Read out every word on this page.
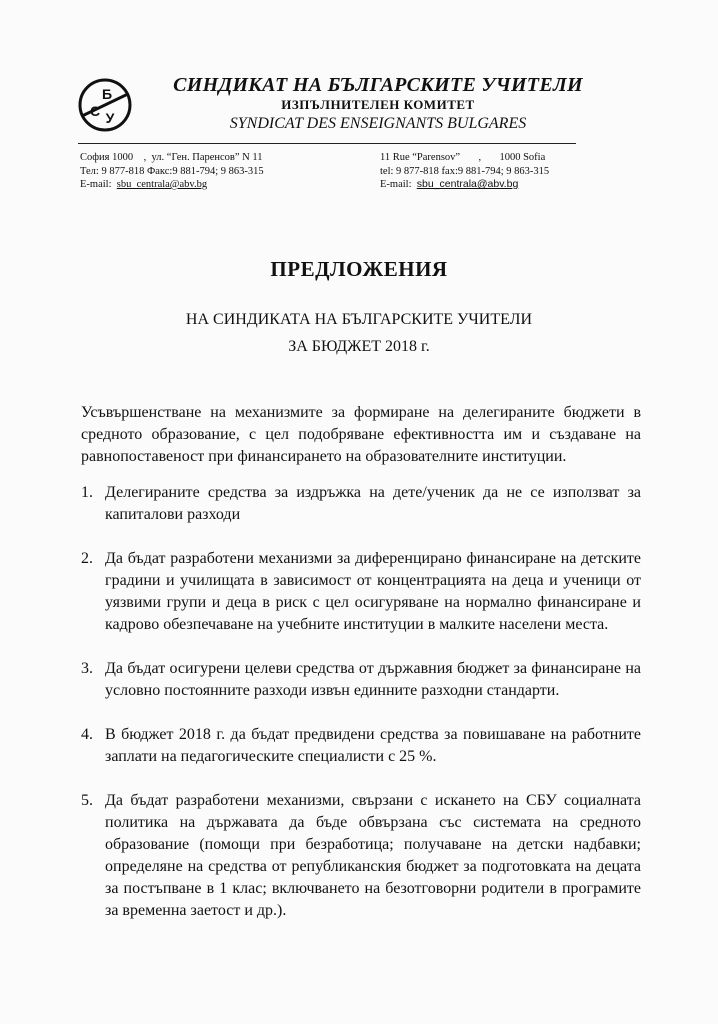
Б
С У
СИНДИКАТ НА БЪЛГАРСКИТЕ УЧИТЕЛИ
ИЗПЪЛНИТЕЛЕН КОМИТЕТ
SYNDICAT DES ENSEIGNANTS BULGARES
София 1000    ,  ул. “Ген. Паренсов” N 11
Тел: 9 877-818 Факс:9 881-794; 9 863-315
E-mail:  sbu_centrala@abv.bg
11 Rue “Parensov”       ,       1000 Sofia
tel: 9 877-818 fax:9 881-794; 9 863-315
E-mail:  sbu_centrala@abv.bg
ПРЕДЛОЖЕНИЯ
НА СИНДИКАТА НА БЪЛГАРСКИТЕ УЧИТЕЛИ
ЗА БЮДЖЕТ 2018 г.
Усъвършенстване на механизмите за формиране на делегираните бюджети в средното образование, с цел подобряване ефективността им и създаване на равнопоставеност при финансирането на образователните институции.
1. Делегираните средства за издръжка на дете/ученик да не се използват за капиталови разходи
2. Да бъдат разработени механизми за диференцирано финансиране на детските градини и училищата в зависимост от концентрацията на деца и ученици от уязвими групи и деца в риск с цел осигуряване на нормално финансиране и кадрово обезпечаване на учебните институции в малките населени места.
3. Да бъдат осигурени целеви средства от държавния бюджет за финансиране на условно постоянните разходи извън единните разходни стандарти.
4. В бюджет 2018 г. да бъдат предвидени средства за повишаване на работните заплати на педагогическите специалисти с 25 %.
5. Да бъдат разработени механизми, свързани с искането на СБУ социалната политика на държавата да бъде обвързана със системата на средното образование (помощи при безработица; получаване на детски надбавки; определяне на средства от републиканския бюджет за подготовката на децата за постъпване в 1 клас; включването на безотговорни родители в програмите за временна заетост и др.).
